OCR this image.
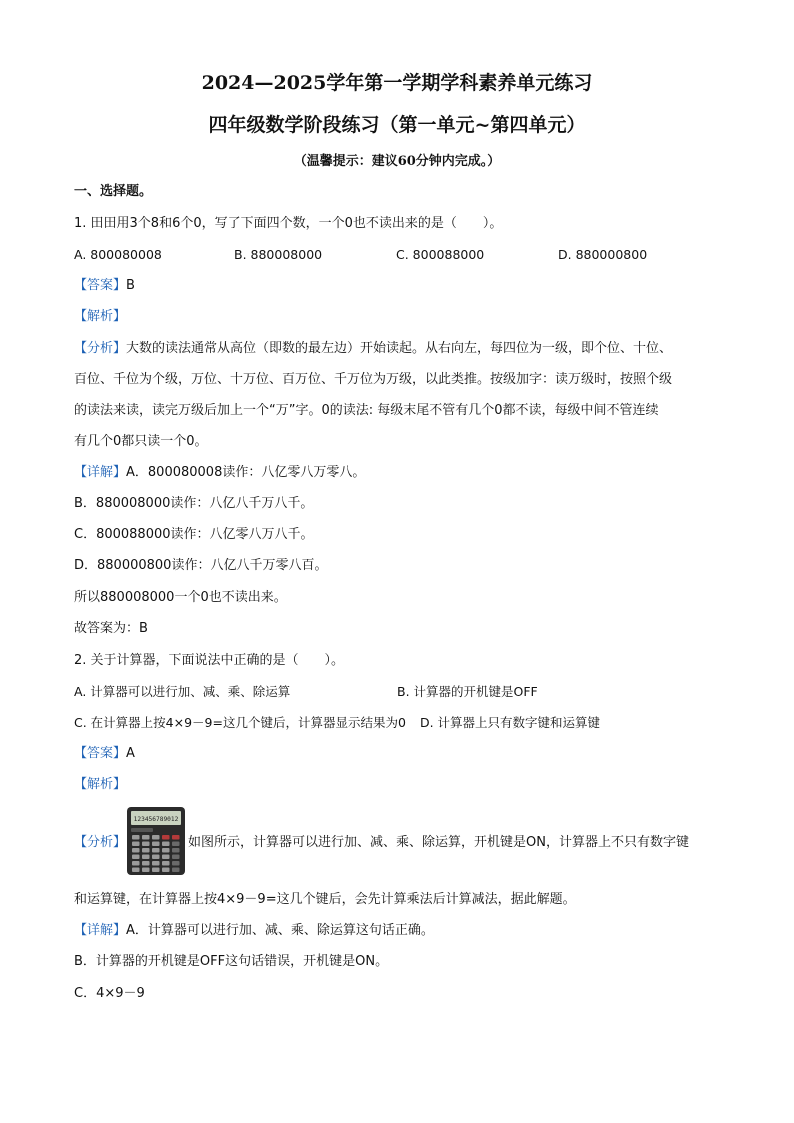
2024—2025学年第一学期学科素养单元练习
四年级数学阶段练习（第一单元~第四单元）
（温馨提示：建议60分钟内完成。）
一、选择题。
1. 田田用3个8和6个0，写了下面四个数，一个0也不读出来的是（　　）。
A. 800080008	B. 880008000	C. 800088000	D. 880000800
【答案】B
【解析】
【分析】大数的读法通常从高位（即数的最左边）开始读起。从右向左，每四位为一级，即个位、十位、
百位、千位为个级，万位、十万位、百万位、千万位为万级，以此类推。按级加字：读万级时，按照个级
的读法来读，读完万级后加上一个“万”字。0的读法: 每级末尾不管有几个0都不读，每级中间不管连续
有几个0都只读一个0。
【详解】A．800080008读作：八亿零八万零八。
B．880008000读作：八亿八千万八千。
C．800088000读作：八亿零八万八千。
D．880000800读作：八亿八千万零八百。
所以880008000一个0也不读出来。
故答案为：B
2. 关于计算器，下面说法中正确的是（　　）。
A. 计算器可以进行加、减、乘、除运算	B. 计算器的开机键是OFF
C. 在计算器上按4×9－9=这几个键后，计算器显示结果为0 D. 计算器上只有数字键和运算键
【答案】A
【解析】
【分析】
123456789012
如图所示，计算器可以进行加、减、乘、除运算，开机键是ON，计算器上不只有数字键
和运算键，在计算器上按4×9－9=这几个键后，会先计算乘法后计算减法，据此解题。
【详解】A．计算器可以进行加、减、乘、除运算这句话正确。
B．计算器的开机键是OFF这句话错误，开机键是ON。
C．4×9－9
